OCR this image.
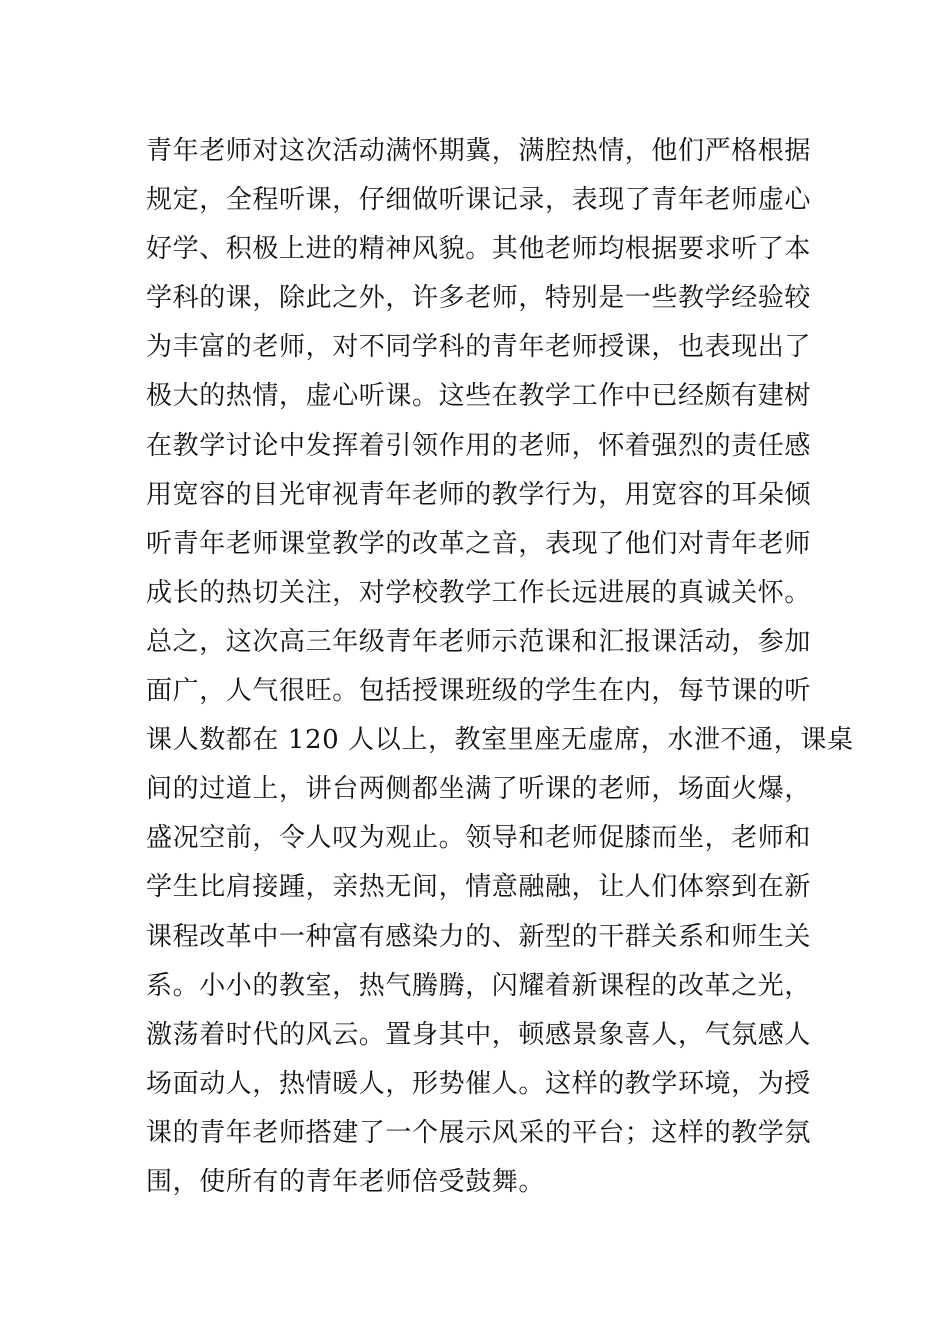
青年老师对这次活动满怀期冀，满腔热情，他们严格根据
规定，全程听课，仔细做听课记录，表现了青年老师虚心
好学、积极上进的精神风貌。其他老师均根据要求听了本
学科的课，除此之外，许多老师，特别是一些教学经验较
为丰富的老师，对不同学科的青年老师授课，也表现出了
极大的热情，虚心听课。这些在教学工作中已经颇有建树
在教学讨论中发挥着引领作用的老师，怀着强烈的责任感
用宽容的目光审视青年老师的教学行为，用宽容的耳朵倾
听青年老师课堂教学的改革之音，表现了他们对青年老师
成长的热切关注，对学校教学工作长远进展的真诚关怀。
总之，这次高三年级青年老师示范课和汇报课活动，参加
面广，人气很旺。包括授课班级的学生在内，每节课的听
课人数都在 120 人以上，教室里座无虚席，水泄不通，课桌
间的过道上，讲台两侧都坐满了听课的老师，场面火爆，
盛况空前，令人叹为观止。领导和老师促膝而坐，老师和
学生比肩接踵，亲热无间，情意融融，让人们体察到在新
课程改革中一种富有感染力的、新型的干群关系和师生关
系。小小的教室，热气腾腾，闪耀着新课程的改革之光，
激荡着时代的风云。置身其中，顿感景象喜人，气氛感人
场面动人，热情暖人，形势催人。这样的教学环境，为授
课的青年老师搭建了一个展示风采的平台；这样的教学氛
围，使所有的青年老师倍受鼓舞。
